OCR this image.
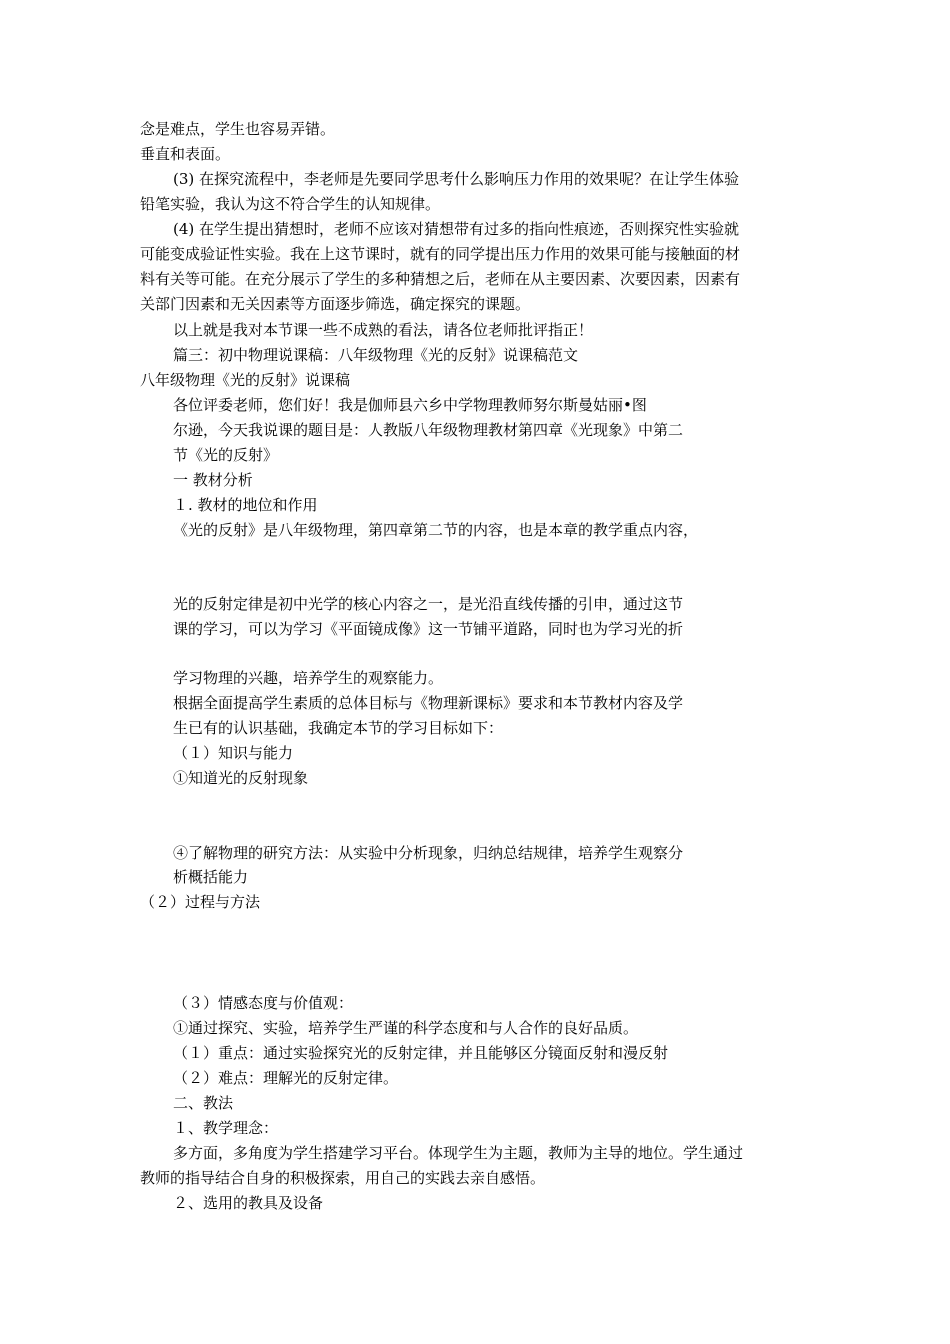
念是难点，学生也容易弄错。
垂直和表面。
(3) 在探究流程中，李老师是先要同学思考什么影响压力作用的效果呢？在让学生体验
铅笔实验，我认为这不符合学生的认知规律。
(4) 在学生提出猜想时，老师不应该对猜想带有过多的指向性痕迹，否则探究性实验就
可能变成验证性实验。我在上这节课时，就有的同学提出压力作用的效果可能与接触面的材
料有关等可能。在充分展示了学生的多种猜想之后，老师在从主要因素、次要因素，因素有
关部门因素和无关因素等方面逐步筛选，确定探究的课题。
以上就是我对本节课一些不成熟的看法，请各位老师批评指正！
篇三：初中物理说课稿：八年级物理《光的反射》说课稿范文
八年级物理《光的反射》说课稿
各位评委老师，您们好！我是伽师县六乡中学物理教师努尔斯曼姑丽•图
尔逊，今天我说课的题目是：人教版八年级物理教材第四章《光现象》中第二
节《光的反射》
一 教材分析
１. 教材的地位和作用
《光的反射》是八年级物理，第四章第二节的内容，也是本章的教学重点内容，
光的反射定律是初中光学的核心内容之一，是光沿直线传播的引申，通过这节
课的学习，可以为学习《平面镜成像》这一节铺平道路，同时也为学习光的折
学习物理的兴趣，培养学生的观察能力。
根据全面提高学生素质的总体目标与《物理新课标》要求和本节教材内容及学
生已有的认识基础，我确定本节的学习目标如下：
（１）知识与能力
①知道光的反射现象
④了解物理的研究方法：从实验中分析现象，归纳总结规律，培养学生观察分
析概括能力
（２）过程与方法
（３）情感态度与价值观：
①通过探究、实验，培养学生严谨的科学态度和与人合作的良好品质。
（１）重点：通过实验探究光的反射定律，并且能够区分镜面反射和漫反射
（２）难点：理解光的反射定律。
二、教法
１、教学理念：
多方面，多角度为学生搭建学习平台。体现学生为主题，教师为主导的地位。学生通过
教师的指导结合自身的积极探索，用自己的实践去亲自感悟。
２、选用的教具及设备
